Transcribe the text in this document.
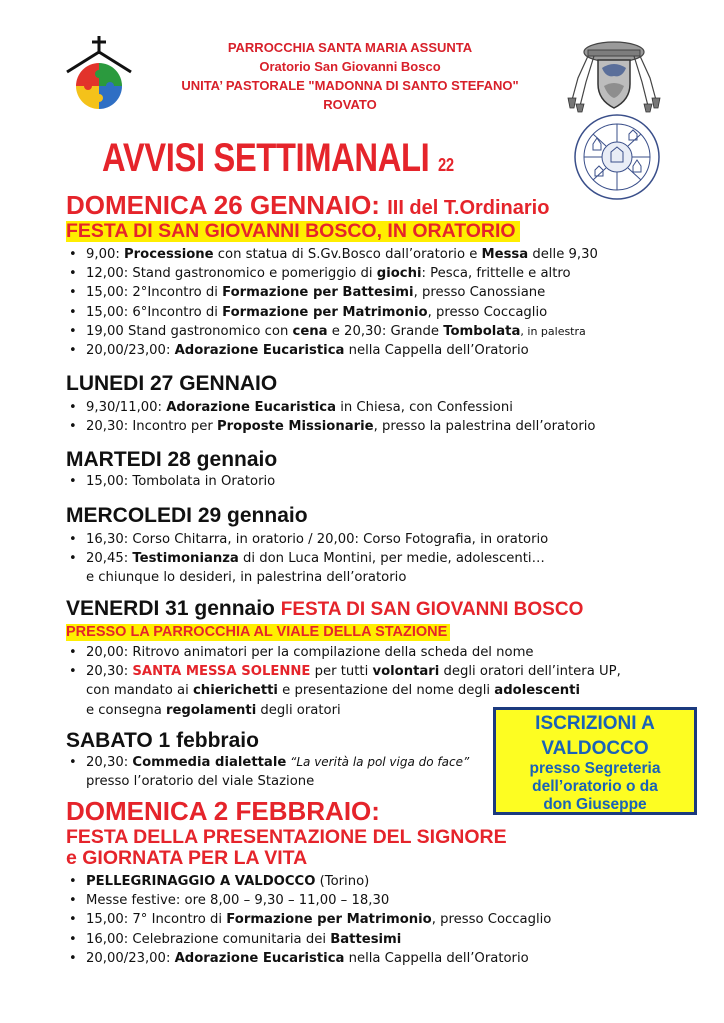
PARROCCHIA SANTA MARIA ASSUNTA
Oratorio San Giovanni Bosco
UNITA’ PASTORALE "MADONNA DI SANTO STEFANO"
ROVATO
AVVISI SETTIMANALI 22
DOMENICA 26 GENNAIO: III del T.Ordinario
FESTA DI SAN GIOVANNI BOSCO, IN ORATORIO
• 9,00: Processione con statua di S.Gv.Bosco dall’oratorio e Messa delle 9,30
• 12,00: Stand gastronomico e pomeriggio di giochi: Pesca, frittelle e altro
• 15,00: 2°Incontro di Formazione per Battesimi, presso Canossiane
• 15,00: 6°Incontro di Formazione per Matrimonio, presso Coccaglio
• 19,00 Stand gastronomico con cena e 20,30: Grande Tombolata, in palestra
• 20,00/23,00: Adorazione Eucaristica nella Cappella dell’Oratorio
LUNEDI 27 GENNAIO
• 9,30/11,00: Adorazione Eucaristica in Chiesa, con Confessioni
• 20,30: Incontro per Proposte Missionarie, presso la palestrina dell’oratorio
MARTEDI 28 gennaio
• 15,00: Tombolata in Oratorio
MERCOLEDI 29 gennaio
• 16,30: Corso Chitarra, in oratorio / 20,00: Corso Fotografia, in oratorio
• 20,45: Testimonianza di don Luca Montini, per medie, adolescenti…
e chiunque lo desideri, in palestrina dell’oratorio
VENERDI 31 gennaio FESTA DI SAN GIOVANNI BOSCO
PRESSO LA PARROCCHIA AL VIALE DELLA STAZIONE
• 20,00: Ritrovo animatori per la compilazione della scheda del nome
• 20,30: SANTA MESSA SOLENNE per tutti volontari degli oratori dell’intera UP,
con mandato ai chierichetti e presentazione del nome degli adolescenti
e consegna regolamenti degli oratori
ISCRIZIONI A
VALDOCCO
presso Segreteria
dell’oratorio o da
don Giuseppe
SABATO 1 febbraio
• 20,30: Commedia dialettale “La verità la pol viga do face”
presso l’oratorio del viale Stazione
DOMENICA 2 FEBBRAIO:
FESTA DELLA PRESENTAZIONE DEL SIGNORE
e GIORNATA PER LA VITA
• PELLEGRINAGGIO A VALDOCCO (Torino)
• Messe festive: ore 8,00 – 9,30 – 11,00 – 18,30
• 15,00: 7° Incontro di Formazione per Matrimonio, presso Coccaglio
• 16,00: Celebrazione comunitaria dei Battesimi
• 20,00/23,00: Adorazione Eucaristica nella Cappella dell’Oratorio
